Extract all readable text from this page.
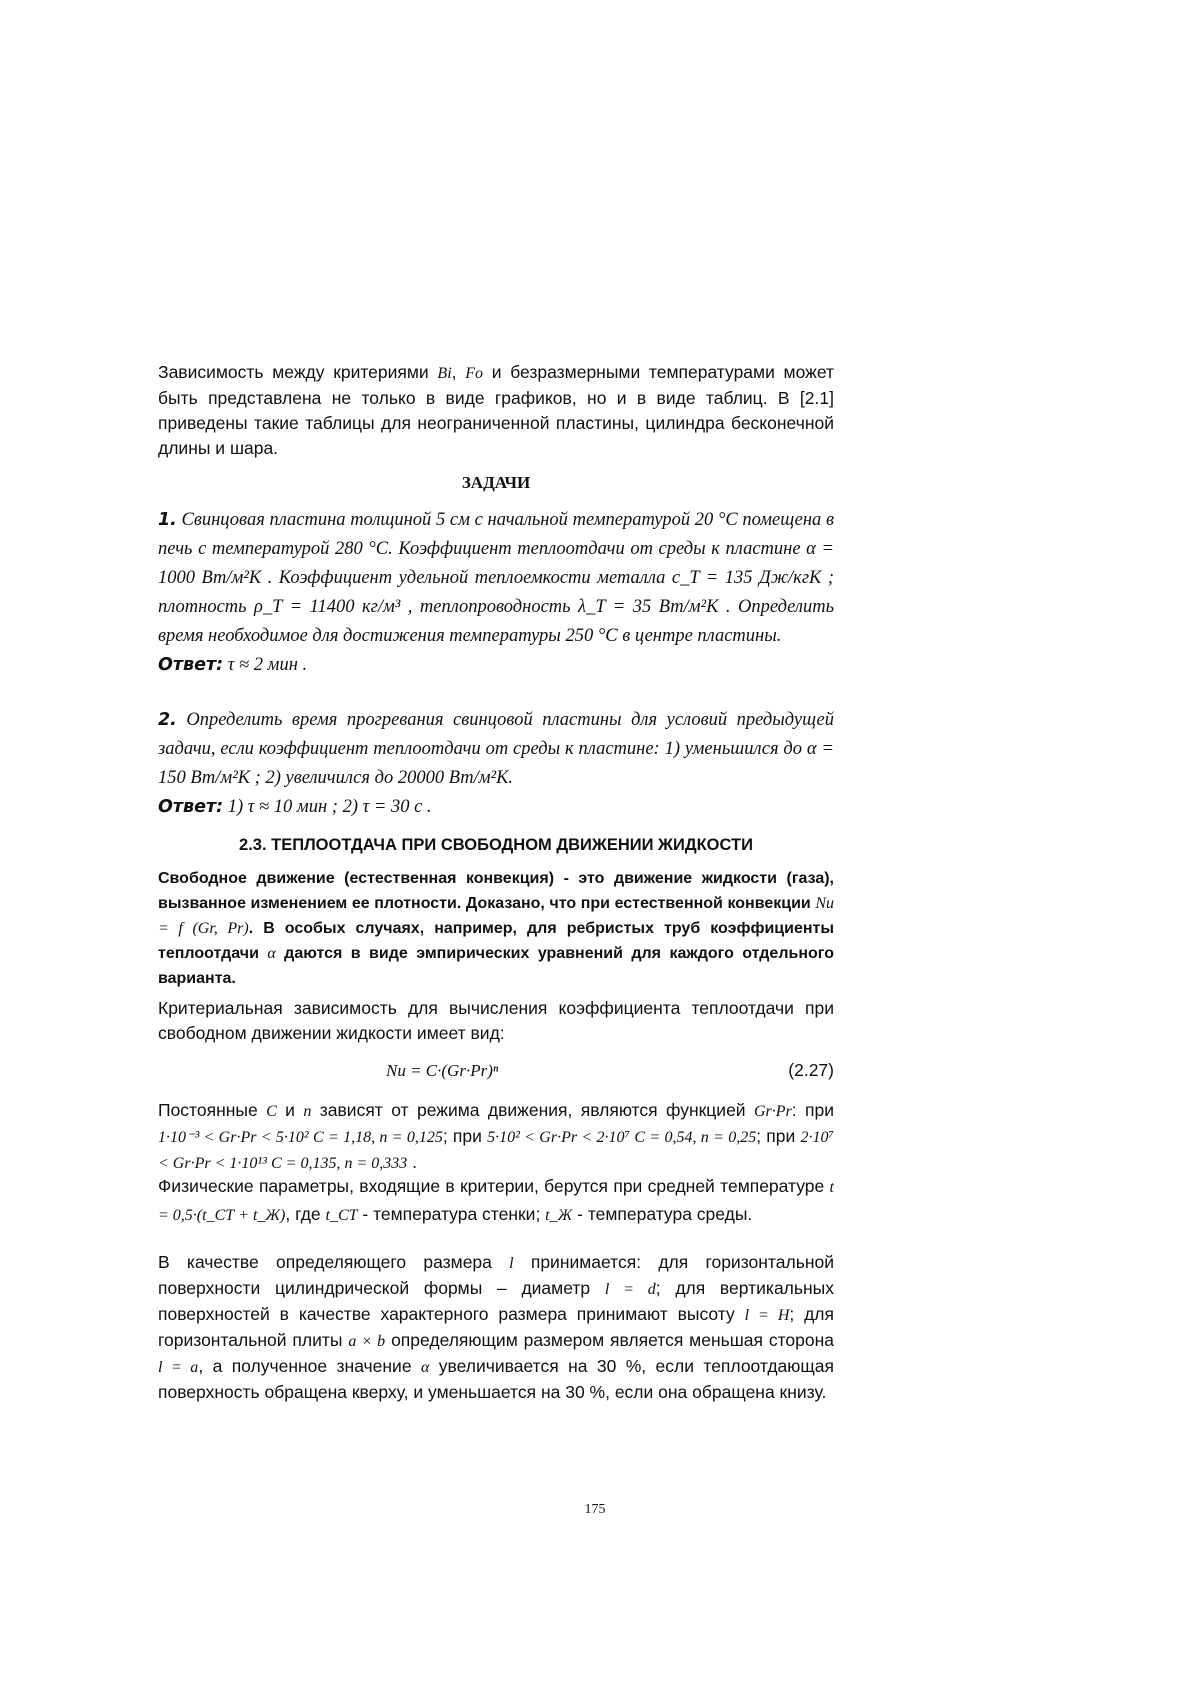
Зависимость между критериями Bi, Fo и безразмерными температурами может быть представлена не только в виде графиков, но и в виде таблиц. В [2.1] приведены такие таблицы для неограниченной пластины, цилиндра бесконечной длины и шара.

ЗАДАЧИ

1. Свинцовая пластина толщиной 5 см с начальной температурой 20 °С помещена в печь с температурой 280 °С. Коэффициент теплоотдачи от среды к пластине α = 1000 Вт/м²К . Коэффициент удельной теплоемкости металла c_T = 135 Дж/кгК ; плотность ρ_T = 11400 кг/м³ , теплопроводность λ_T = 35 Вт/м²К . Определить время необходимое для достижения температуры 250 °С в центре пластины.
Ответ: τ ≈ 2 мин .

2. Определить время прогревания свинцовой пластины для условий предыдущей задачи, если коэффициент теплоотдачи от среды к пластине: 1) уменьшился до α = 150 Вт/м²К ; 2) увеличился до 20000 Вт/м²К.
Ответ: 1) τ ≈ 10 мин ; 2) τ = 30 с .

2.3. ТЕПЛООТДАЧА ПРИ СВОБОДНОМ ДВИЖЕНИИ ЖИДКОСТИ

Свободное движение (естественная конвекция) - это движение жидкости (газа), вызванное изменением ее плотности. Доказано, что при естественной конвекции Nu = f (Gr, Pr). В особых случаях, например, для ребристых труб коэффициенты теплоотдачи α даются в виде эмпирических уравнений для каждого отдельного варианта.

Критериальная зависимость для вычисления коэффициента теплоотдачи при свободном движении жидкости имеет вид:

Nu = C·(Gr·Pr)ⁿ	(2.27)

Постоянные C и n зависят от режима движения, являются функцией Gr·Pr: при 1·10⁻³ < Gr·Pr < 5·10² C = 1,18, n = 0,125; при 5·10² < Gr·Pr < 2·10⁷ C = 0,54, n = 0,25; при 2·10⁷ < Gr·Pr < 1·10¹³ C = 0,135, n = 0,333 .

Физические параметры, входящие в критерии, берутся при средней температуре t = 0,5·(t_СТ + t_Ж), где t_СТ - температура стенки; t_Ж - температура среды.

В качестве определяющего размера l принимается: для горизонтальной поверхности цилиндрической формы – диаметр l = d; для вертикальных поверхностей в качестве характерного размера принимают высоту l = H; для горизонтальной плиты a × b определяющим размером является меньшая сторона l = a, а полученное значение α увеличивается на 30 %, если теплоотдающая поверхность обращена кверху, и уменьшается на 30 %, если она обращена книзу.

175
